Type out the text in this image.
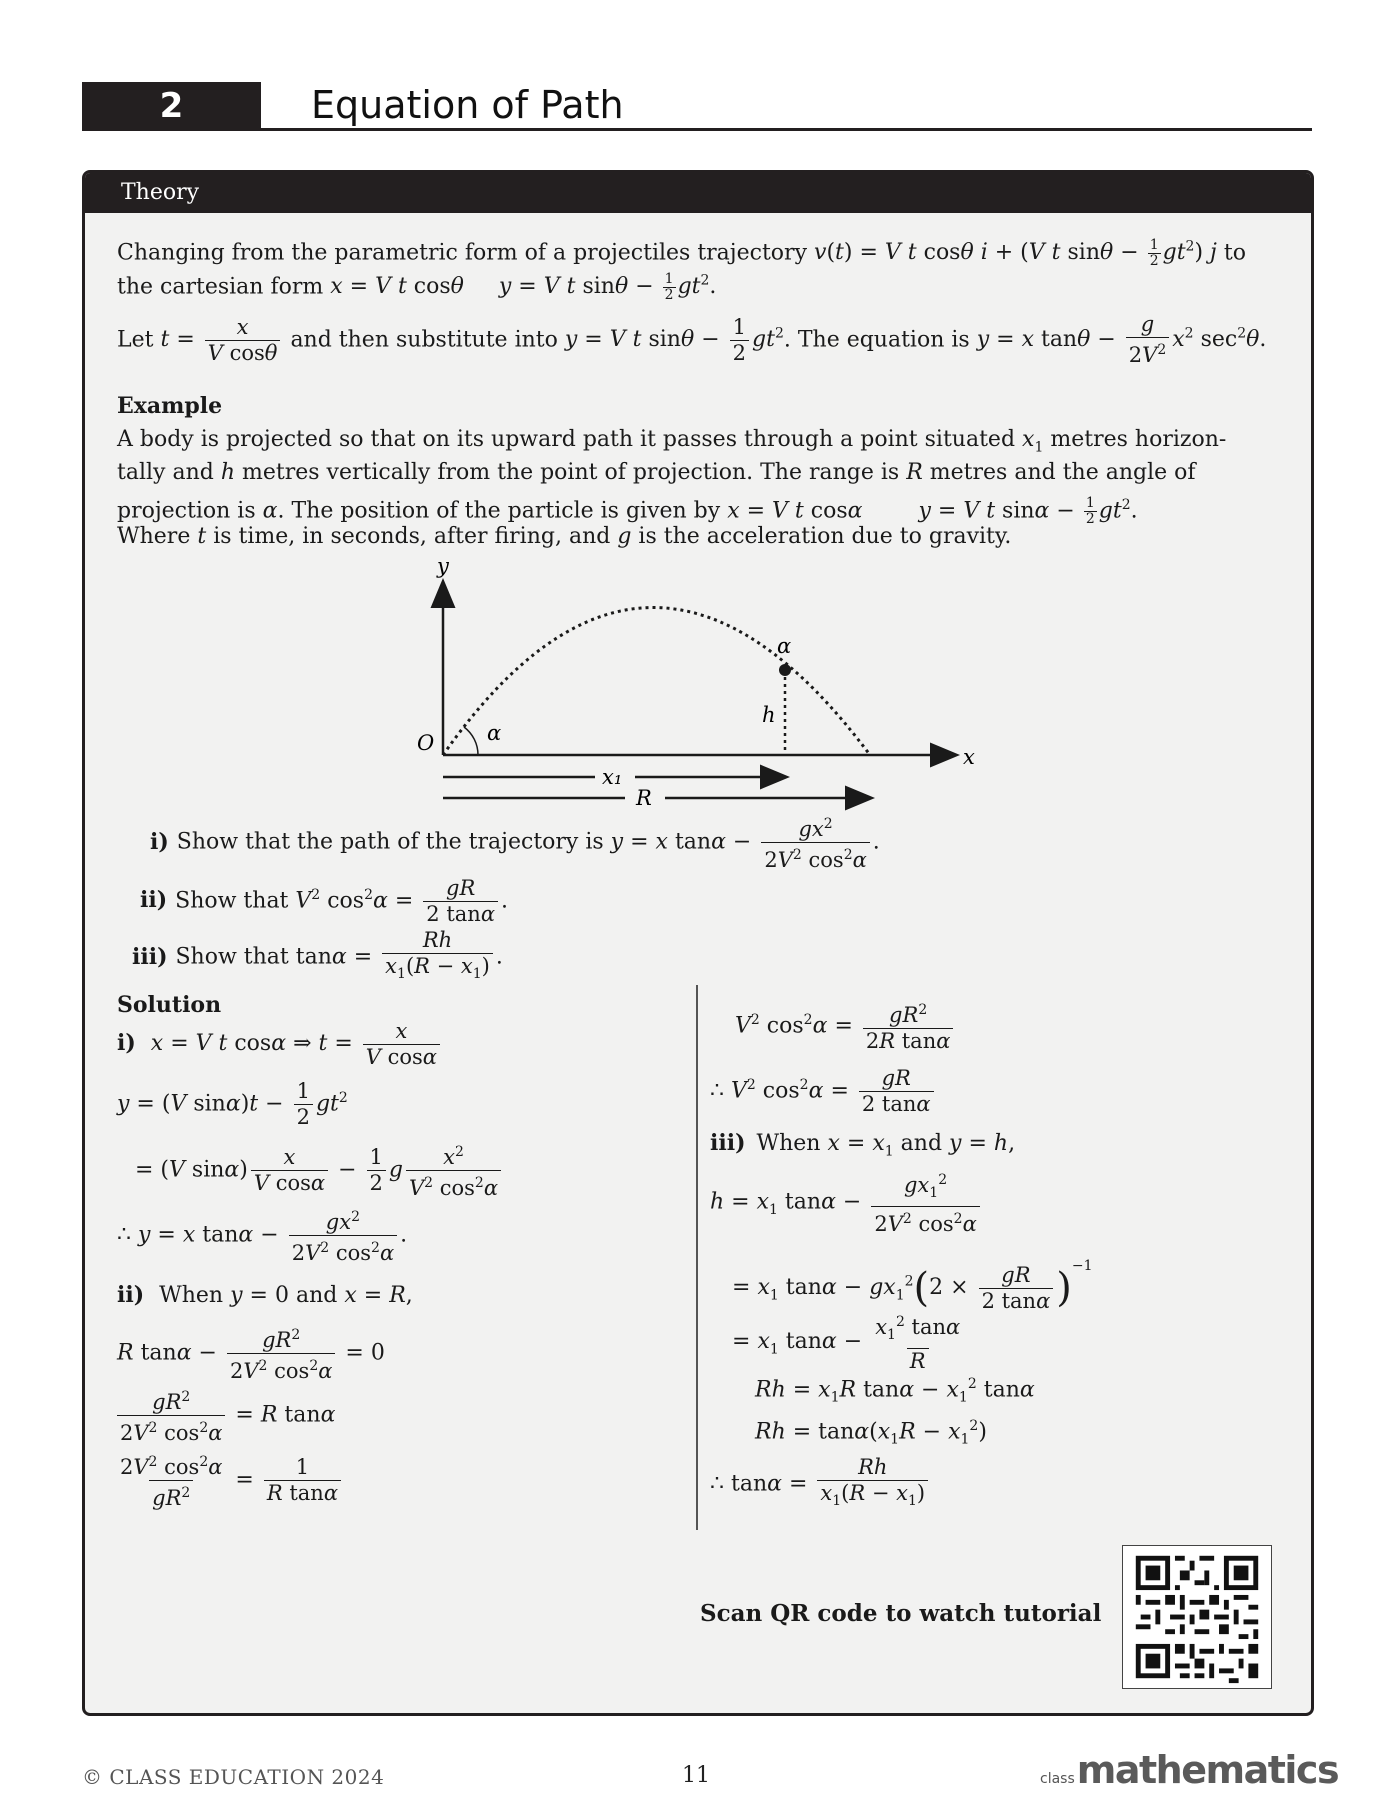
2	Equation of Path
Theory
Changing from the parametric form of a projectiles trajectory v(t) = V t cosθ i + (V t $\sin\theta - \frac{1}{2} gt^2$) j to
the cartesian form x = V t cosθ y = V t $\sin\theta - \frac{1}{2} gt^2$.
Let $t = \frac{x}{\text{V cosθ}}$ and then substitute into y = V t $\sin\theta - \frac{1}{2} gt^2$. The equation is y = x $\tan\theta - \frac{g}{2V^2} x^2$ $\sec^2\theta$.
Example
A body is projected so that on its upward path it passes through a point situated $x_1$ metres horizon-
tally and h metres vertically from the point of projection. The range is R metres and the angle of
projection is α. The position of the particle is given by x = V t cosα	y = V t $\sin\alpha - \frac{1}{2} gt^2$.
Where t is time, in seconds, after firing, and g is the acceleration due to gravity.
y
x
O	α
α
h
x₁
R
i) Show that the path of the trajectory is y = x $\tan\alpha - \frac{gx^2}{2V^2 \cos^2\alpha}$ .
ii) Show that $V^2$ $\cos^2\alpha = \frac{gR}{2 \tan\alpha}$ .
iii) Show that $\tan\alpha = \frac{Rh}{x_1(R - x_1)}$ .
Solution
i) x = V t cosα ⇒ $t = \frac{x}{\text{V cosα}}$
y = (V $\sin\alpha)t - \frac{1}{2} gt^2$
= (V $\sin\alpha) \frac{x}{\text{V cosα}} - \frac{1}{2}$ g $\frac{x^2}{V^2 \cos^2\alpha}$
∴ y = x $\tan\alpha - \frac{gx^2}{2V^2 \cos^2\alpha}$ .
ii) When y = 0 and x = R,
R $\tan\alpha - \frac{gR^2}{2V^2 \cos^2\alpha} = 0$
$\frac{gR^2}{2V^2 \cos^2\alpha} = R$ tanα
$\frac{2V^2 \cos^2\alpha}{gR^2} = \frac{1}{\text{R tanα}}$
$V^2$ $\cos^2\alpha = \frac{gR^2}{\text{2R tanα}}$
∴ $V^2$ $\cos^2\alpha = \frac{gR}{2 \tan\alpha}$
iii) When $x = x_1$ and y = h,
$h = x_1$ $\tan\alpha - \frac{gx_1^2}{2V^2 \cos^2\alpha}$
= $x_1$ $\tan\alpha - gx_1^2(2 \times \frac{gR}{2 \tan\alpha} )^{-1}$
= $x_1$ $\tan\alpha - \frac{x_1^2 \tan\alpha}{R}$
$Rh = x_1R$ $\tan\alpha - x_1^2$ tanα
$Rh = \tan\alpha(x_1R - x_1^2)$
∴ $\tan\alpha = \frac{Rh}{x_1(R - x_1)}$
Scan QR code to watch tutorial
© CLASS EDUCATION 2024	11	classmathematics
